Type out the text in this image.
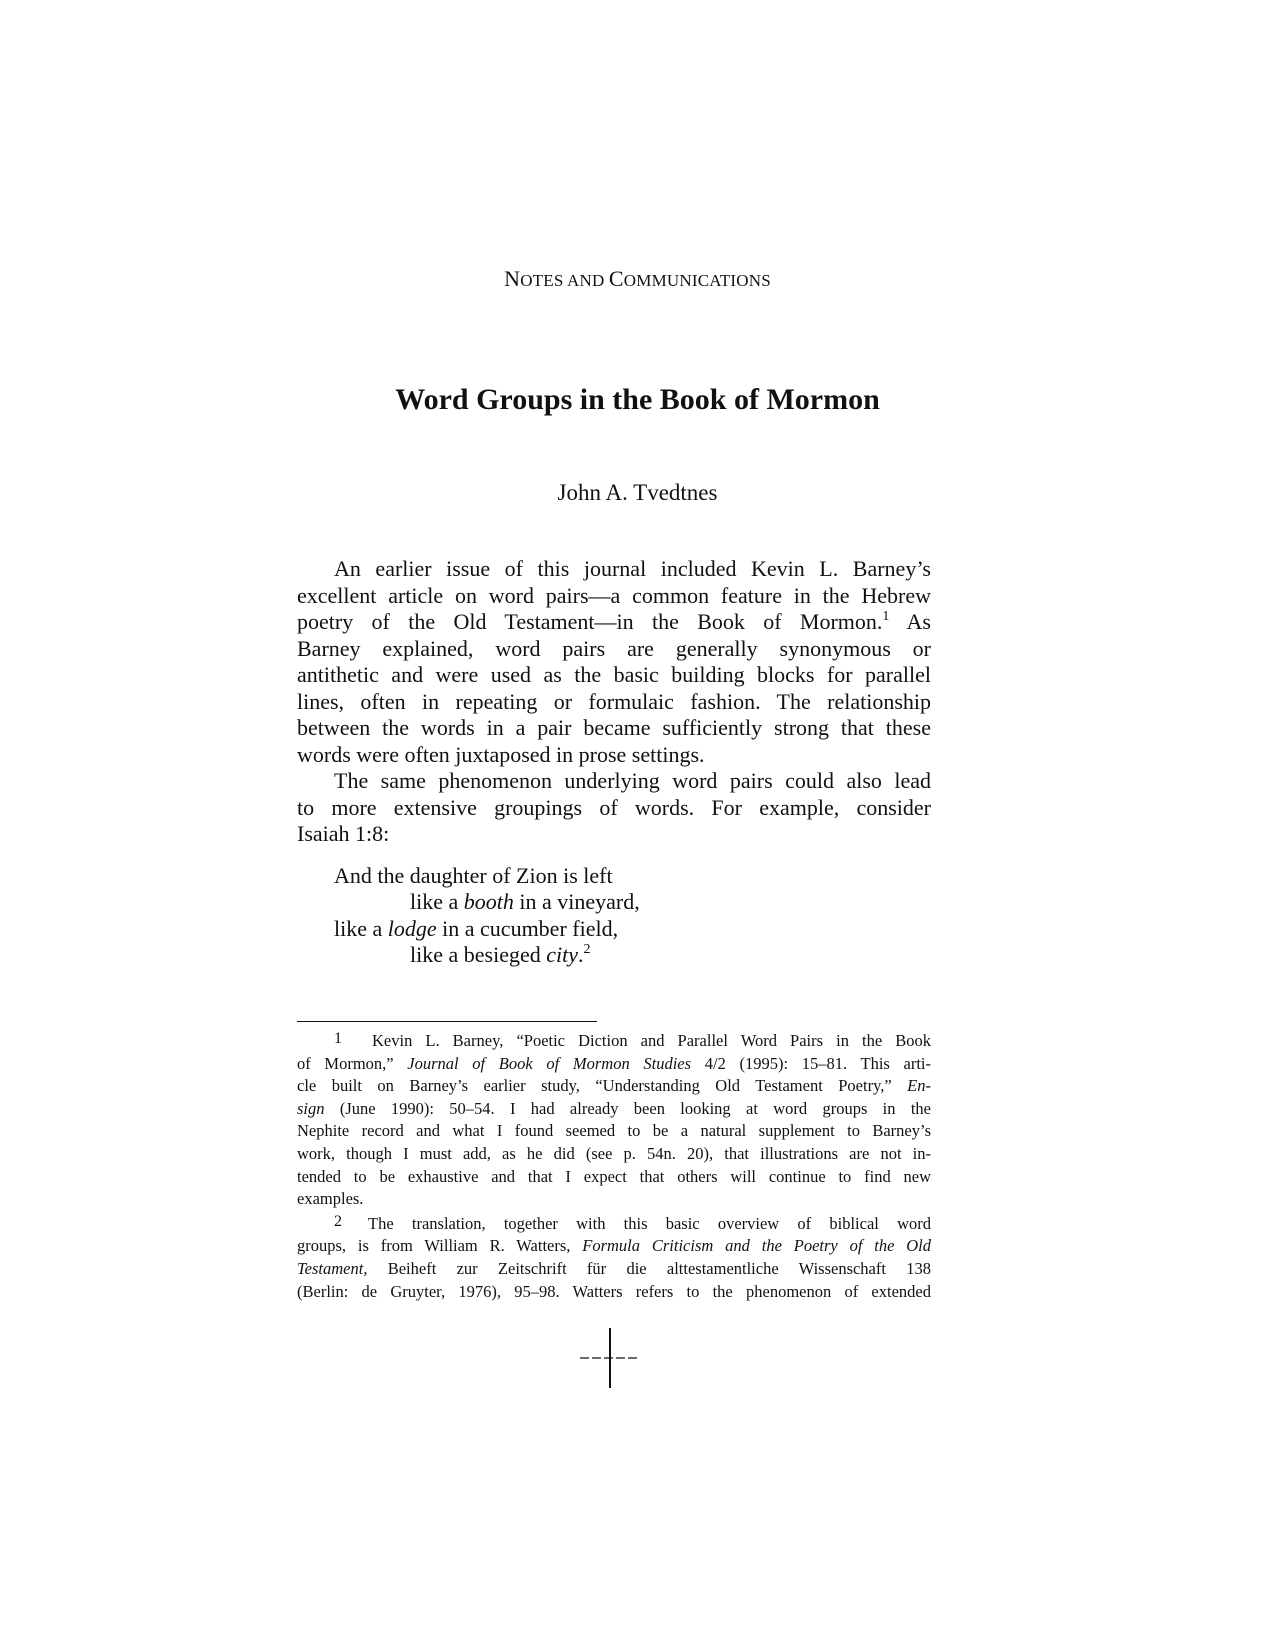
NOTES AND COMMUNICATIONS
Word Groups in the Book of Mormon
John A. Tvedtnes

An earlier issue of this journal included Kevin L. Barney’s
excellent article on word pairs—a common feature in the Hebrew
poetry of the Old Testament—in the Book of Mormon.$^1$ As
Barney explained, word pairs are generally synonymous or
antithetic and were used as the basic building blocks for parallel
lines, often in repeating or formulaic fashion. The relationship
between the words in a pair became sufficiently strong that these
words were often juxtaposed in prose settings.

The same phenomenon underlying word pairs could also lead
to more extensive groupings of words. For example, consider
Isaiah 1:8:

And the daughter of Zion is left
like a booth in a vineyard,
like a lodge in a cucumber field,
like a besieged city.$^2$

1 Kevin L. Barney, “Poetic Diction and Parallel Word Pairs in the Book
of Mormon,” Journal of Book of Mormon Studies 4/2 (1995): 15–81. This arti-
cle built on Barney’s earlier study, “Understanding Old Testament Poetry,” En-
sign (June 1990): 50–54. I had already been looking at word groups in the
Nephite record and what I found seemed to be a natural supplement to Barney’s
work, though I must add, as he did (see p. 54n. 20), that illustrations are not in-
tended to be exhaustive and that I expect that others will continue to find new
examples.

2 The translation, together with this basic overview of biblical word
groups, is from William R. Watters, Formula Criticism and the Poetry of the Old
Testament, Beiheft zur Zeitschrift für die alttestamentliche Wissenschaft 138
(Berlin: de Gruyter, 1976), 95–98. Watters refers to the phenomenon of extended
